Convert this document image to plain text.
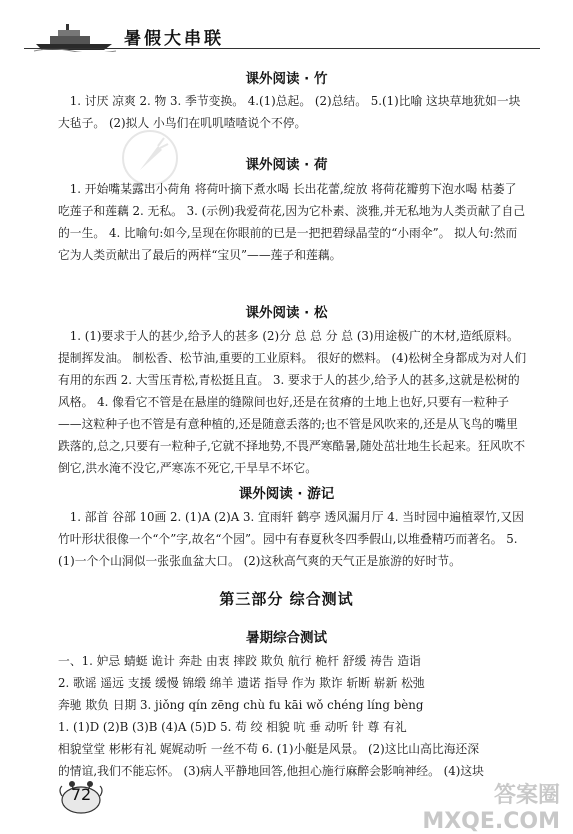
暑假大串联
课外阅读 · 竹
1. 讨厌 凉爽 2. 物 3. 季节变换。 4.(1)总起。 (2)总结。 5.(1)比喻 这块草地犹如一块大毡子。 (2)拟人 小鸟们在叽叽喳喳说个不停。
课外阅读 · 荷
1. 开始嘴某露出小荷角 将荷叶摘下煮水喝 长出花蕾,绽放 将荷花瓣剪下泡水喝 枯萎了 吃莲子和莲藕 2. 无私。 3. (示例)我爱荷花,因为它朴素、淡雅,并无私地为人类贡献了自己的一生。 4. 比喻句:如今,呈现在你眼前的已是一把把碧绿晶莹的“小雨伞”。 拟人句:然而它为人类贡献出了最后的两样“宝贝”——莲子和莲藕。
课外阅读 · 松
1. (1)要求于人的甚少,给予人的甚多 (2)分 总 总 分 总 (3)用途极广的木材,造纸原料。 提制挥发油。 制松香、松节油,重要的工业原料。 很好的燃料。 (4)松树全身都成为对人们有用的东西 2. 大雪压青松,青松挺且直。 3. 要求于人的甚少,给予人的甚多,这就是松树的风格。 4. 像看它不管是在悬崖的缝隙间也好,还是在贫瘠的土地上也好,只要有一粒种子——这粒种子也不管是有意种植的,还是随意丢落的;也不管是风吹来的,还是从飞鸟的嘴里跌落的,总之,只要有一粒种子,它就不择地势,不畏严寒酷暑,随处茁壮地生长起来。狂风吹不倒它,洪水淹不没它,严寒冻不死它,干旱旱不坏它。
课外阅读 · 游记
1. 部首 谷部 10画 2. (1)A (2)A 3. 宜雨轩 鹤亭 透风漏月厅 4. 当时园中遍植翠竹,又因竹叶形状很像一个“个”字,故名“个园”。园中有春夏秋冬四季假山,以堆叠精巧而著名。 5. (1)一个个山洞似一张张血盆大口。 (2)这秋高气爽的天气正是旅游的好时节。
第三部分 综合测试
暑期综合测试
一、1. 妒忌 蜻蜓 诡计 奔赴 由衷 摔跤 欺负 航行 桅杆 舒缓 祷告 造诣
2. 歌谣 遥远 支援 缓慢 锦缎 绵羊 遗诺 指导 作为 欺诈 斩断 崭新 松弛
奔驰 欺负 日期 3. jiǒng qín zēng chù fu kāi wǒ chéng líng bèng
1. (1)D (2)B (3)B (4)A (5)D 5. 苟 绞 相貌 吭 垂 动听 针 尊 有礼
相貌堂堂 彬彬有礼 娓娓动听 一丝不苟 6. (1)小艇是风景。 (2)这比山高比海还深
的情谊,我们不能忘怀。 (3)病人平静地回答,他担心施行麻醉会影响神经。 (4)这块
72	答案圈
MXQE.COM
